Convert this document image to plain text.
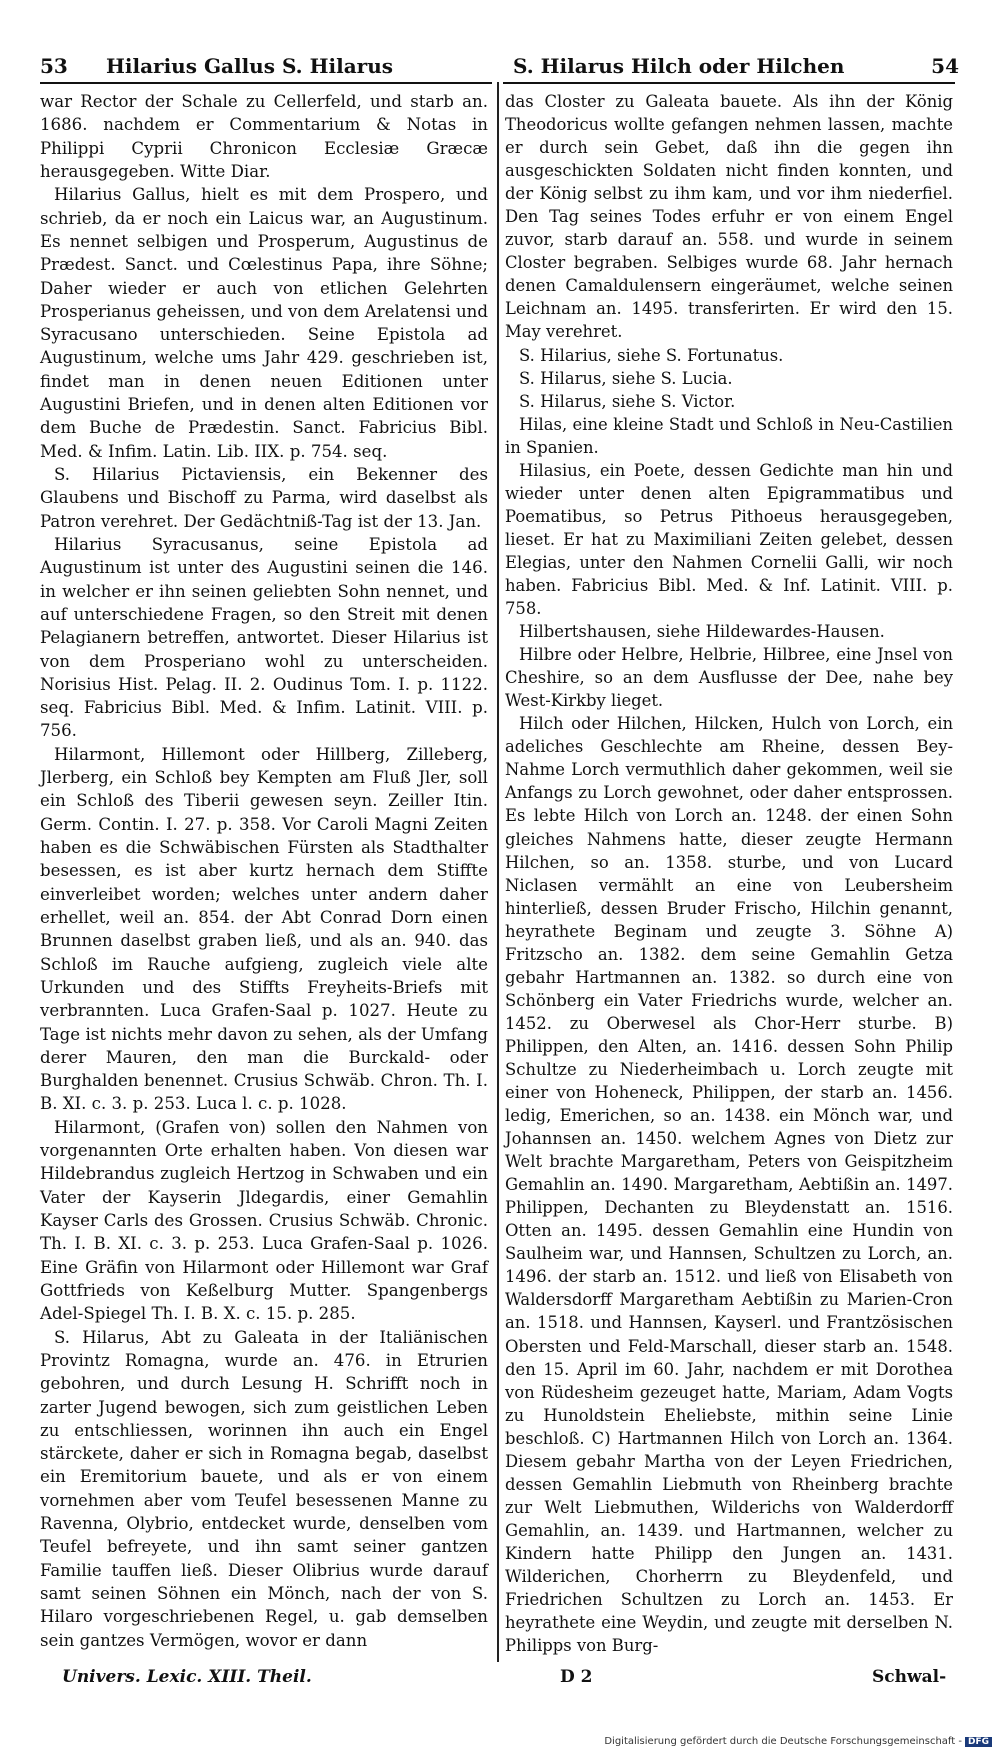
53 Hilarius Gallus S. Hilarus	S. Hilarus Hilch oder Hilchen	54

war Rector der Schale zu Cellerfeld, und starb an. 1686. nachdem er Commentarium & Notas in Philippi Cyprii Chronicon Ecclesiæ Græcæ herausgegeben. Witte Diar.

Hilarius Gallus, hielt es mit dem Prospero, und schrieb, da er noch ein Laicus war, an Augustinum. Es nennet selbigen und Prosperum, Augustinus de Prædest. Sanct. und Cœlestinus Papa, ihre Söhne; Daher wieder er auch von etlichen Gelehrten Prosperianus geheissen, und von dem Arelatensi und Syracusano unterschieden. Seine Epistola ad Augustinum, welche ums Jahr 429. geschrieben ist, findet man in denen neuen Editionen unter Augustini Briefen, und in denen alten Editionen vor dem Buche de Prædestin. Sanct. Fabricius Bibl. Med. & Infim. Latin. Lib. IIX. p. 754. seq.

S. Hilarius Pictaviensis, ein Bekenner des Glaubens und Bischoff zu Parma, wird daselbst als Patron verehret. Der Gedächtniß-Tag ist der 13. Jan.

Hilarius Syracusanus, seine Epistola ad Augustinum ist unter des Augustini seinen die 146. in welcher er ihn seinen geliebten Sohn nennet, und auf unterschiedene Fragen, so den Streit mit denen Pelagianern betreffen, antwortet. Dieser Hilarius ist von dem Prosperiano wohl zu unterscheiden. Norisius Hist. Pelag. II. 2. Oudinus Tom. I. p. 1122. seq. Fabricius Bibl. Med. & Infim. Latinit. VIII. p. 756.

Hilarmont, Hillemont oder Hillberg, Zilleberg, Jlerberg, ein Schloß bey Kempten am Fluß Jler, soll ein Schloß des Tiberii gewesen seyn. Zeiller Itin. Germ. Contin. I. 27. p. 358. Vor Caroli Magni Zeiten haben es die Schwäbischen Fürsten als Stadthalter besessen, es ist aber kurtz hernach dem Stiffte einverleibet worden; welches unter andern daher erhellet, weil an. 854. der Abt Conrad Dorn einen Brunnen daselbst graben ließ, und als an. 940. das Schloß im Rauche aufgieng, zugleich viele alte Urkunden und des Stiffts Freyheits-Briefs mit verbrannten. Luca Grafen-Saal p. 1027. Heute zu Tage ist nichts mehr davon zu sehen, als der Umfang derer Mauren, den man die Burckald- oder Burghalden benennet. Crusius Schwäb. Chron. Th. I. B. XI. c. 3. p. 253. Luca l. c. p. 1028.

Hilarmont, (Grafen von) sollen den Nahmen von vorgenannten Orte erhalten haben. Von diesen war Hildebrandus zugleich Hertzog in Schwaben und ein Vater der Kayserin Jldegardis, einer Gemahlin Kayser Carls des Grossen. Crusius Schwäb. Chronic. Th. I. B. XI. c. 3. p. 253. Luca Grafen-Saal p. 1026. Eine Gräfin von Hilarmont oder Hillemont war Graf Gottfrieds von Keßelburg Mutter. Spangenbergs Adel-Spiegel Th. I. B. X. c. 15. p. 285.

S. Hilarus, Abt zu Galeata in der Italiänischen Provintz Romagna, wurde an. 476. in Etrurien gebohren, und durch Lesung H. Schrifft noch in zarter Jugend bewogen, sich zum geistlichen Leben zu entschliessen, worinnen ihn auch ein Engel stärckete, daher er sich in Romagna begab, daselbst ein Eremitorium bauete, und als er von einem vornehmen aber vom Teufel besessenen Manne zu Ravenna, Olybrio, entdecket wurde, denselben vom Teufel befreyete, und ihn samt seiner gantzen Familie tauffen ließ. Dieser Olibrius wurde darauf samt seinen Söhnen ein Mönch, nach der von S. Hilaro vorgeschriebenen Regel, u. gab demselben sein gantzes Vermögen, wovor er dann

das Closter zu Galeata bauete. Als ihn der König Theodoricus wollte gefangen nehmen lassen, machte er durch sein Gebet, daß ihn die gegen ihn ausgeschickten Soldaten nicht finden konnten, und der König selbst zu ihm kam, und vor ihm niederfiel. Den Tag seines Todes erfuhr er von einem Engel zuvor, starb darauf an. 558. und wurde in seinem Closter begraben. Selbiges wurde 68. Jahr hernach denen Camaldulensern eingeräumet, welche seinen Leichnam an. 1495. transferirten. Er wird den 15. May verehret.

S. Hilarius, siehe S. Fortunatus.

S. Hilarus, siehe S. Lucia.

S. Hilarus, siehe S. Victor.

Hilas, eine kleine Stadt und Schloß in Neu-Castilien in Spanien.

Hilasius, ein Poete, dessen Gedichte man hin und wieder unter denen alten Epigrammatibus und Poematibus, so Petrus Pithoeus herausgegeben, lieset. Er hat zu Maximiliani Zeiten gelebet, dessen Elegias, unter den Nahmen Cornelii Galli, wir noch haben. Fabricius Bibl. Med. & Inf. Latinit. VIII. p. 758.

Hilbertshausen, siehe Hildewardes-Hausen.

Hilbre oder Helbre, Helbrie, Hilbree, eine Jnsel von Cheshire, so an dem Ausflusse der Dee, nahe bey West-Kirkby lieget.

Hilch oder Hilchen, Hilcken, Hulch von Lorch, ein adeliches Geschlechte am Rheine, dessen Bey-Nahme Lorch vermuthlich daher gekommen, weil sie Anfangs zu Lorch gewohnet, oder daher entsprossen. Es lebte Hilch von Lorch an. 1248. der einen Sohn gleiches Nahmens hatte, dieser zeugte Hermann Hilchen, so an. 1358. sturbe, und von Lucard Niclasen vermählt an eine von Leubersheim hinterließ, dessen Bruder Frischo, Hilchin genannt, heyrathete Beginam und zeugte 3. Söhne A) Fritzscho an. 1382. dem seine Gemahlin Getza gebahr Hartmannen an. 1382. so durch eine von Schönberg ein Vater Friedrichs wurde, welcher an. 1452. zu Oberwesel als Chor-Herr sturbe. B) Philippen, den Alten, an. 1416. dessen Sohn Philip Schultze zu Niederheimbach u. Lorch zeugte mit einer von Hoheneck, Philippen, der starb an. 1456. ledig, Emerichen, so an. 1438. ein Mönch war, und Johannsen an. 1450. welchem Agnes von Dietz zur Welt brachte Margaretham, Peters von Geispitzheim Gemahlin an. 1490. Margaretham, Aebtißin an. 1497. Philippen, Dechanten zu Bleydenstatt an. 1516. Otten an. 1495. dessen Gemahlin eine Hundin von Saulheim war, und Hannsen, Schultzen zu Lorch, an. 1496. der starb an. 1512. und ließ von Elisabeth von Waldersdorff Margaretham Aebtißin zu Marien-Cron an. 1518. und Hannsen, Kayserl. und Frantzösischen Obersten und Feld-Marschall, dieser starb an. 1548. den 15. April im 60. Jahr, nachdem er mit Dorothea von Rüdesheim gezeuget hatte, Mariam, Adam Vogts zu Hunoldstein Eheliebste, mithin seine Linie beschloß. C) Hartmannen Hilch von Lorch an. 1364. Diesem gebahr Martha von der Leyen Friedrichen, dessen Gemahlin Liebmuth von Rheinberg brachte zur Welt Liebmuthen, Wilderichs von Walderdorff Gemahlin, an. 1439. und Hartmannen, welcher zu Kindern hatte Philipp den Jungen an. 1431. Wilderichen, Chorherrn zu Bleydenfeld, und Friedrichen Schultzen zu Lorch an. 1453. Er heyrathete eine Weydin, und zeugte mit derselben N. Philipps von Burg-

Univers. Lexic. XIII. Theil.	D 2	Schwal-
Digitalisierung gefördert durch die Deutsche Forschungsgemeinschaft - DFG
